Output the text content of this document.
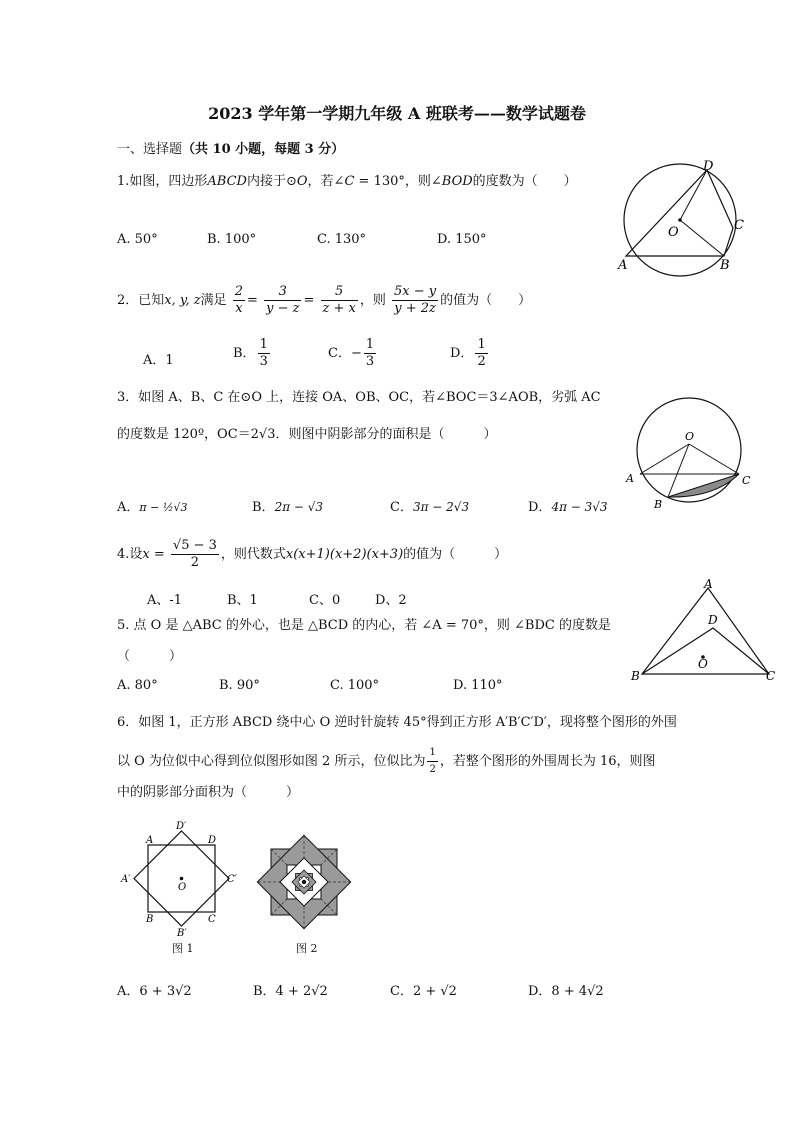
2023 学年第一学期九年级 A 班联考——数学试题卷
一、选择题（共 10 小题，每题 3 分）
1.如图，四边形ABCD内接于⊙O，若∠C = 130°，则∠BOD的度数为（　　）
A. 50°	B. 100°	C. 130°	D. 150°
D
C
O
A	B
2．已知x, y, z满足 $\frac{2}{x} = \frac{3}{y - z} = \frac{5}{z + x}$ ，则 $\frac{5x - y}{y + 2z}$ 的值为（　　）
A．1	B． $\frac{1}{3}$	C．− $\frac{1}{3}$	D． $\frac{1}{2}$
3．如图 A、B、C 在⊙O 上，连接 OA、OB、OC，若∠BOC＝3∠AOB，劣弧 AC
的度数是 120º，OC＝2√3．则图中阴影部分的面积是（　　　）
A．π − ½√3	B．2π − √3	C．3π − 2√3	D．4π − 3√3
O
A
B
C
4.设$x = \frac{√5 - 3}{2}$ ，则代数式x(x+1)(x+2)(x+3)的值为（　　　）
A、-1	B、1	C、0	D、2
5. 点 O 是 △ABC 的外心，也是 △BCD 的内心，若 ∠A = 70°，则 ∠BDC 的度数是
（　　　）
A. 80°	B. 90°	C. 100°	D. 110°
A
D
O
B	C
6．如图 1，正方形 ABCD 绕中心 O 逆时针旋转 45°得到正方形 A′B′C′D′，现将整个图形的外围
以 O 为位似中心得到位似图形如图 2 所示，位似比为 $\frac{1}{2}$ ，若整个图形的外围周长为 16，则图
中的阴影部分面积为（　　　）
A
D′
D
A′
O
C′
B
B′
C
图 1	图 2
A．6 + 3√2	B．4 + 2√2	C．2 + √2	D．8 + 4√2
